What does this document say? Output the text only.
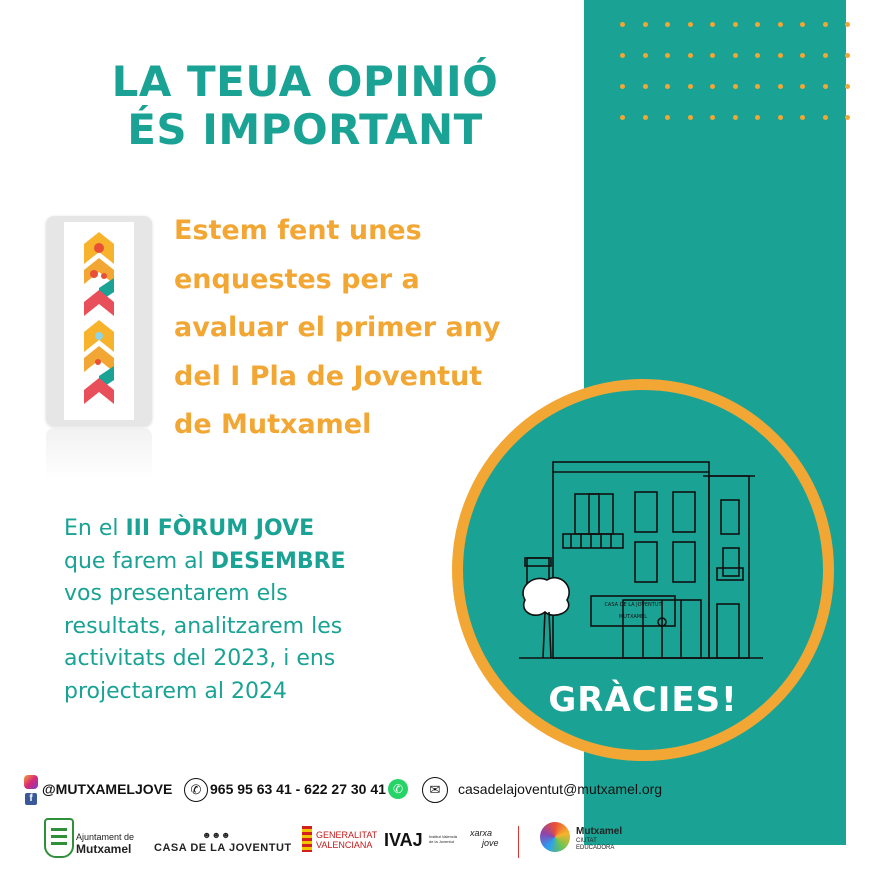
LA TEUA OPINIÓ
ÉS IMPORTANT
Estem fent unes
enquestes per a
avaluar el primer any
del I Pla de Joventut
de Mutxamel
En el III FÒRUM JOVE
que farem al DESEMBRE
vos presentarem els
resultats, analitzarem les
activitats del 2023, i ens
projectarem al 2024
CASA DE LA JOVENTUT
MUTXAMEL
GRÀCIES!
f
@MUTXAMELJOVE	✆ 965 95 63 41 - 622 27 30 41 ✆	✉	casadelajoventut@mutxamel.org
Ajuntament de
Mutxamel
☻☻☻
CASA DE LA JOVENTUT
GENERALITAT
VALENCIANA IVAJ Institut Valencià de la Joventut
xarxa
jove
Mutxamel
CIUTAT
EDUCADORA
